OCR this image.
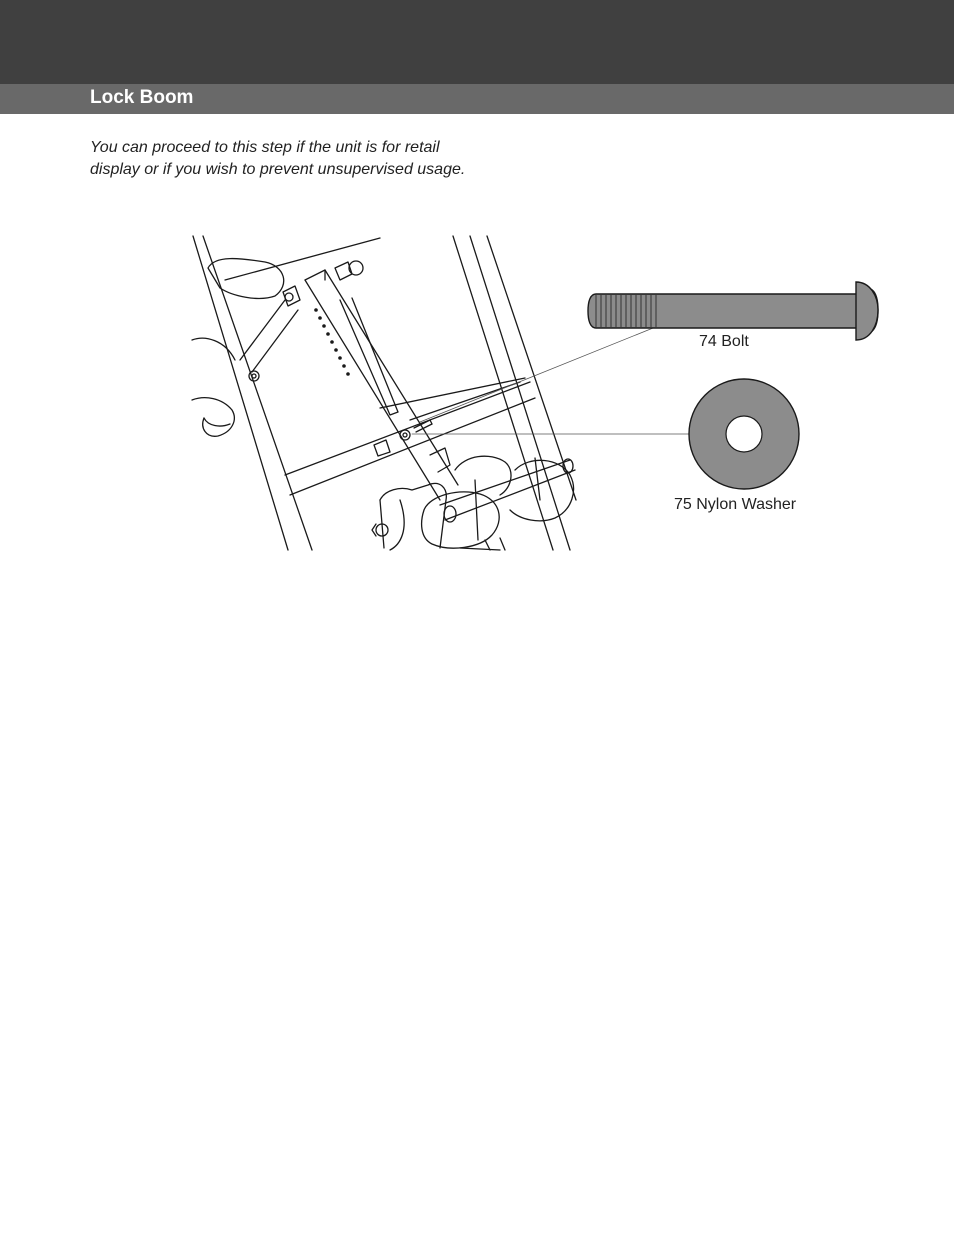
Lock Boom
You can proceed to this step if the unit is for retail
display or if you wish to prevent unsupervised usage.
74 Bolt
75 Nylon Washer
